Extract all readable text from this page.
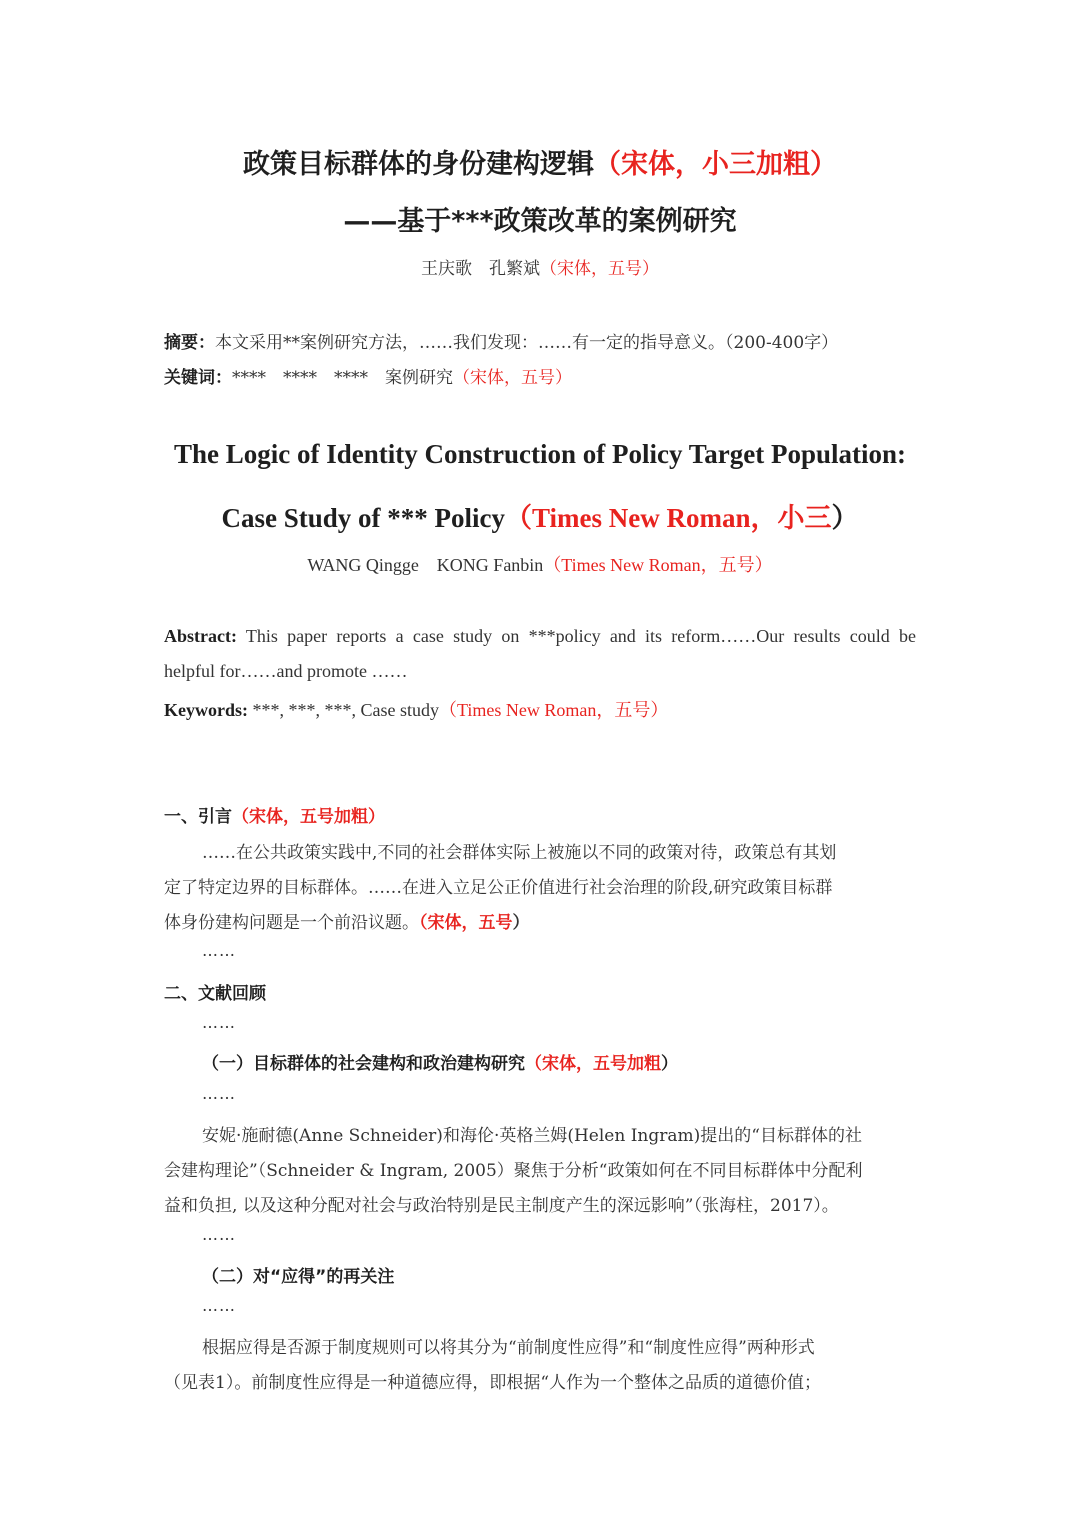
政策目标群体的身份建构逻辑（宋体，小三加粗）
——基于***政策改革的案例研究
王庆歌　孔繁斌（宋体，五号）
摘要：本文采用**案例研究方法，……我们发现：……有一定的指导意义。（200-400字）
关键词：****　****　****　案例研究（宋体，五号）
The Logic of Identity Construction of Policy Target Population:
Case Study of *** Policy（Times New Roman，小三）
WANG Qingge　KONG Fanbin（Times New Roman，五号）
Abstract: This paper reports a case study on ***policy and its reform……Our results could be
helpful for……and promote ……
Keywords: ***, ***, ***, Case study（Times New Roman，五号）
一、引言（宋体，五号加粗）
……在公共政策实践中,不同的社会群体实际上被施以不同的政策对待，政策总有其划
定了特定边界的目标群体。……在进入立足公正价值进行社会治理的阶段,研究政策目标群
体身份建构问题是一个前沿议题。（宋体，五号）
……
二、文献回顾
……
（一）目标群体的社会建构和政治建构研究（宋体，五号加粗）
……
安妮·施耐德(Anne Schneider)和海伦·英格兰姆(Helen Ingram)提出的“目标群体的社
会建构理论”（Schneider & Ingram, 2005）聚焦于分析“政策如何在不同目标群体中分配利
益和负担, 以及这种分配对社会与政治特别是民主制度产生的深远影响”（张海柱，2017）。
……
（二）对“应得”的再关注
……
根据应得是否源于制度规则可以将其分为“前制度性应得”和“制度性应得”两种形式
（见表1）。前制度性应得是一种道德应得，即根据“人作为一个整体之品质的道德价值；
